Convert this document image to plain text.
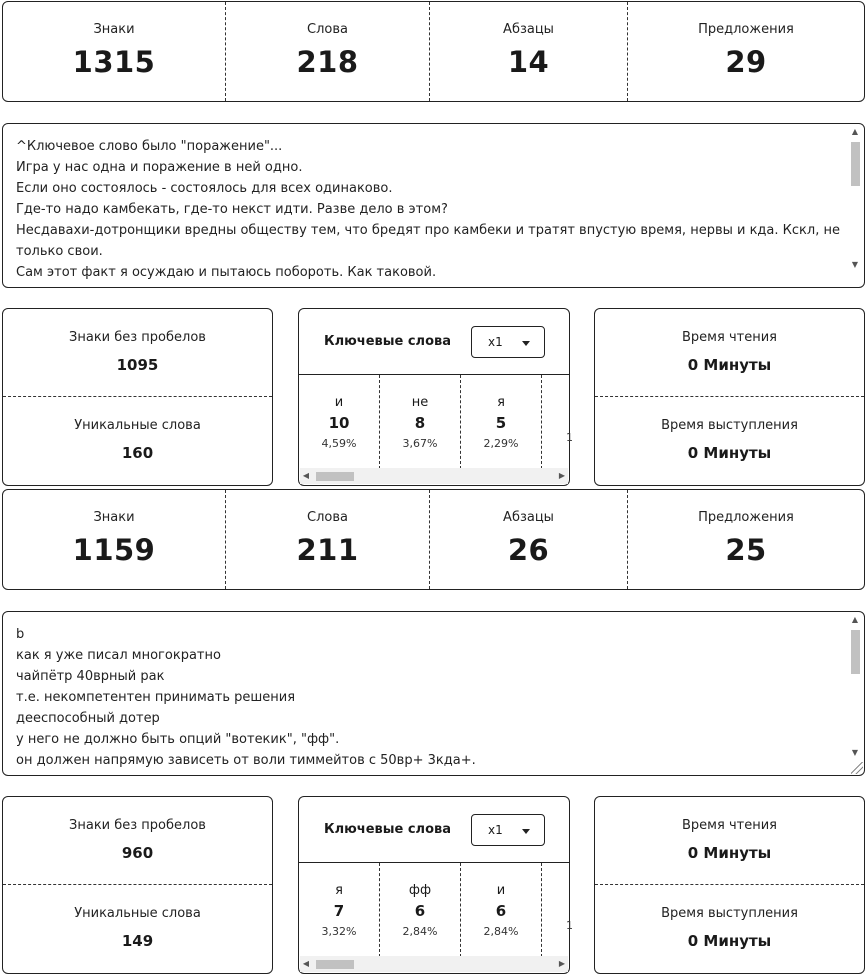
Знаки
1315
Слова
218
Абзацы
14
Предложения
29
^Ключевое слово было "поражение"...
Игра у нас одна и поражение в ней одно.
Если оно состоялось - состоялось для всех одинаково.
Где-то надо камбекать, где-то некст идти. Разве дело в этом?
Несдавахи-дотронщики вредны обществу тем, что бредят про камбеки и тратят впустую время, нервы и кда. Кскл, не только свои.
Сам этот факт я осуждаю и пытаюсь побороть. Как таковой.
▲
▼
Знаки без пробелов
1095
Уникальные слова
160
Ключевые слова	x1
и
10
4,59%
не
8
3,67%
я
5
2,29%	1
◀	▶
Время чтения
0 Минуты
Время выступления
0 Минуты
Знаки
1159
Слова
211
Абзацы
26
Предложения
25
b
как я уже писал многократно
чайпётр 40врный рак
т.е. некомпетентен принимать решения
дееспособный дотер
у него не должно быть опций "вотекик", "фф".
он должен напрямую зависеть от воли тиммейтов с 50вр+ 3кда+.
▲
▼
Знаки без пробелов
960
Уникальные слова
149
Ключевые слова	x1
я
7
3,32%
фф
6
2,84%
и
6
2,84%	1
◀	▶
Время чтения
0 Минуты
Время выступления
0 Минуты
